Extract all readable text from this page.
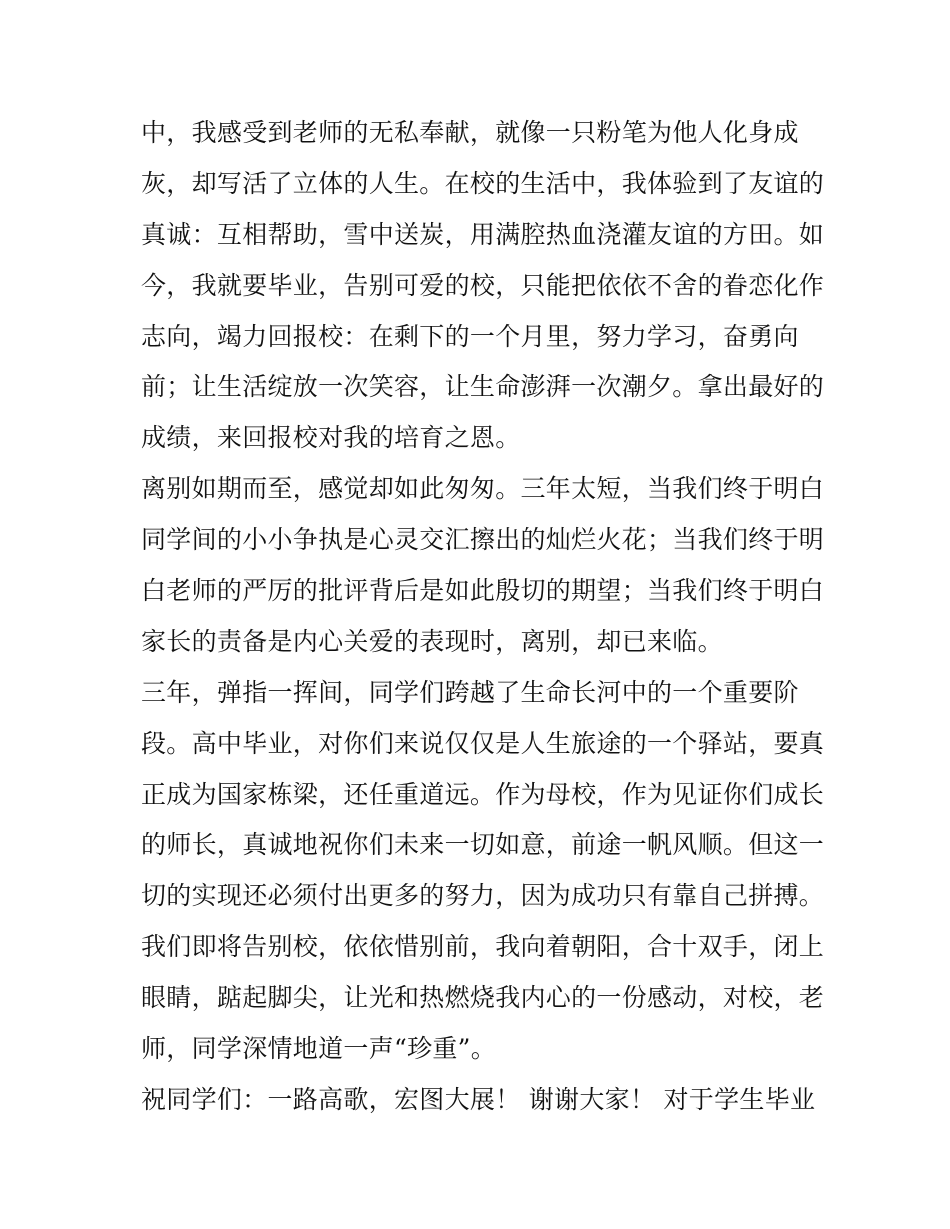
中，我感受到老师的无私奉献，就像一只粉笔为他人化身成
灰，却写活了立体的人生。在校的生活中，我体验到了友谊的
真诚：互相帮助，雪中送炭，用满腔热血浇灌友谊的方田。如
今，我就要毕业，告别可爱的校，只能把依依不舍的眷恋化作
志向，竭力回报校：在剩下的一个月里，努力学习，奋勇向
前；让生活绽放一次笑容，让生命澎湃一次潮夕。拿出最好的
成绩，来回报校对我的培育之恩。
离别如期而至，感觉却如此匆匆。三年太短，当我们终于明白
同学间的小小争执是心灵交汇擦出的灿烂火花；当我们终于明
白老师的严厉的批评背后是如此殷切的期望；当我们终于明白
家长的责备是内心关爱的表现时，离别，却已来临。
三年，弹指一挥间，同学们跨越了生命长河中的一个重要阶
段。高中毕业，对你们来说仅仅是人生旅途的一个驿站，要真
正成为国家栋梁，还任重道远。作为母校，作为见证你们成长
的师长，真诚地祝你们未来一切如意，前途一帆风顺。但这一
切的实现还必须付出更多的努力，因为成功只有靠自己拼搏。
我们即将告别校，依依惜别前，我向着朝阳，合十双手，闭上
眼睛，踮起脚尖，让光和热燃烧我内心的一份感动，对校，老
师，同学深情地道一声“珍重”。
祝同学们：一路高歌，宏图大展！ 谢谢大家！ 对于学生毕业
